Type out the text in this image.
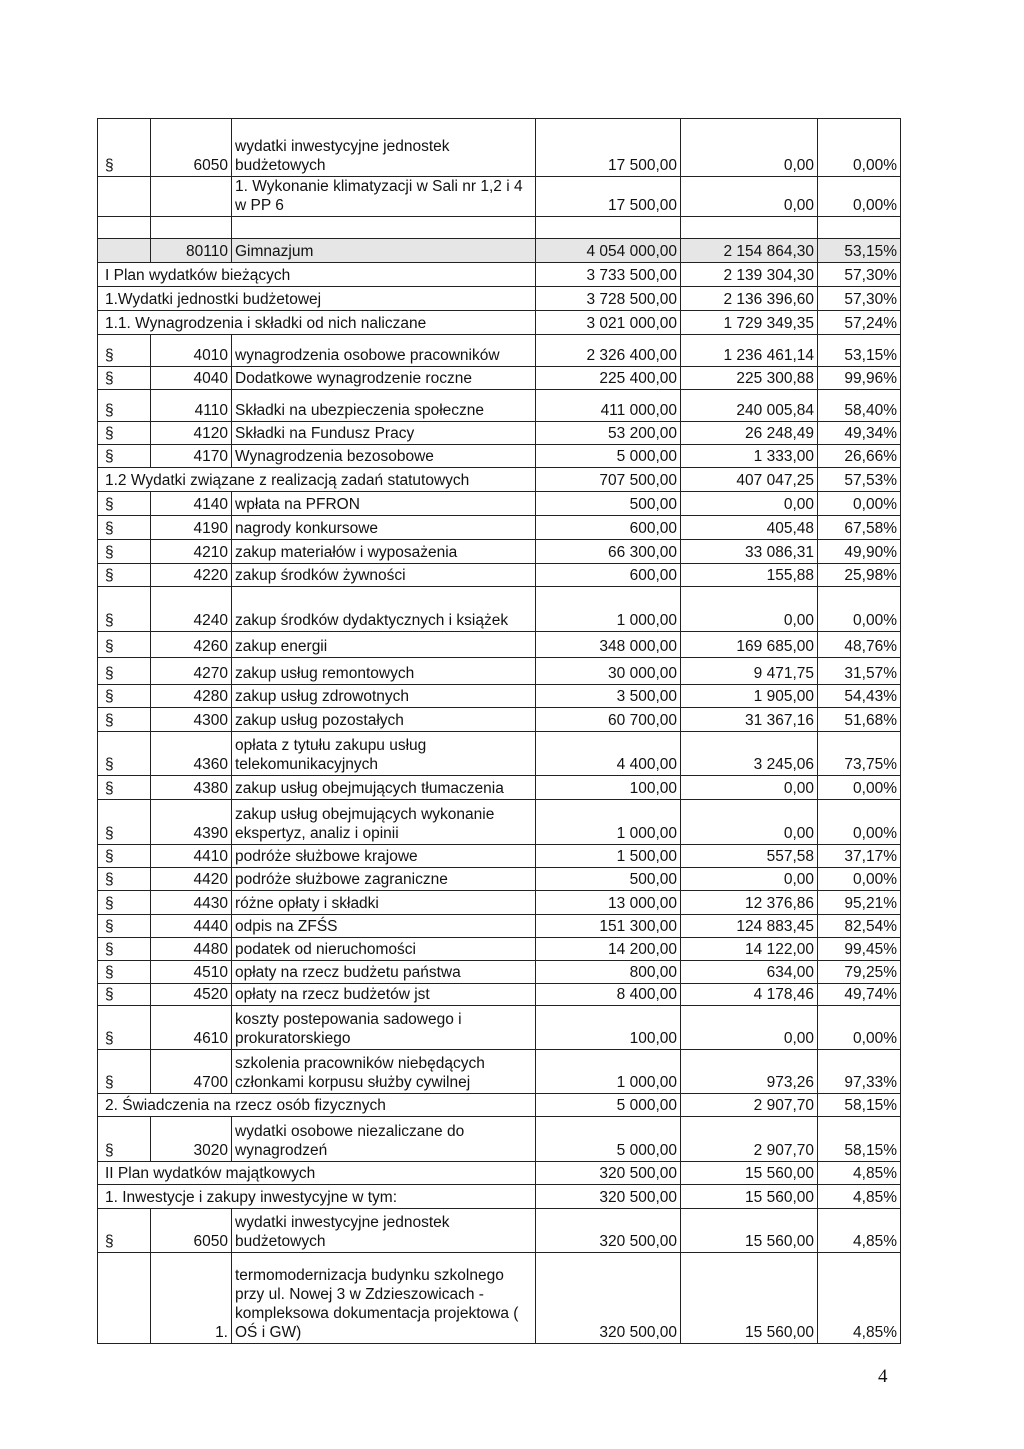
§	6050	wydatki inwestycyjne jednostek budżetowych	17 500,00	0,00	0,00%
		1. Wykonanie klimatyzacji w Sali nr 1,2 i 4 w PP 6	17 500,00	0,00	0,00%

	80110	Gimnazjum	4 054 000,00	2 154 864,30	53,15%
I Plan wydatków bieżących			3 733 500,00	2 139 304,30	57,30%
1.Wydatki jednostki budżetowej			3 728 500,00	2 136 396,60	57,30%
1.1. Wynagrodzenia i składki od nich naliczane			3 021 000,00	1 729 349,35	57,24%
§	4010	wynagrodzenia osobowe pracowników	2 326 400,00	1 236 461,14	53,15%
§	4040	Dodatkowe wynagrodzenie roczne	225 400,00	225 300,88	99,96%
§	4110	Składki na ubezpieczenia społeczne	411 000,00	240 005,84	58,40%
§	4120	Składki na Fundusz Pracy	53 200,00	26 248,49	49,34%
§	4170	Wynagrodzenia bezosobowe	5 000,00	1 333,00	26,66%
1.2 Wydatki związane z realizacją zadań statutowych			707 500,00	407 047,25	57,53%
§	4140	wpłata na PFRON	500,00	0,00	0,00%
§	4190	nagrody konkursowe	600,00	405,48	67,58%
§	4210	zakup materiałów i wyposażenia	66 300,00	33 086,31	49,90%
§	4220	zakup środków żywności	600,00	155,88	25,98%
§	4240	zakup środków dydaktycznych i książek	1 000,00	0,00	0,00%
§	4260	zakup energii	348 000,00	169 685,00	48,76%
§	4270	zakup usług remontowych	30 000,00	9 471,75	31,57%
§	4280	zakup usług zdrowotnych	3 500,00	1 905,00	54,43%
§	4300	zakup usług pozostałych	60 700,00	31 367,16	51,68%
§	4360	opłata z tytułu zakupu usług telekomunikacyjnych	4 400,00	3 245,06	73,75%
§	4380	zakup usług obejmujących tłumaczenia	100,00	0,00	0,00%
§	4390	zakup usług obejmujących wykonanie ekspertyz, analiz i opinii	1 000,00	0,00	0,00%
§	4410	podróże służbowe krajowe	1 500,00	557,58	37,17%
§	4420	podróże służbowe zagraniczne	500,00	0,00	0,00%
§	4430	różne opłaty i składki	13 000,00	12 376,86	95,21%
§	4440	odpis na ZFŚS	151 300,00	124 883,45	82,54%
§	4480	podatek od nieruchomości	14 200,00	14 122,00	99,45%
§	4510	opłaty na rzecz budżetu państwa	800,00	634,00	79,25%
§	4520	opłaty na rzecz budżetów jst	8 400,00	4 178,46	49,74%
§	4610	koszty postepowania sadowego i prokuratorskiego	100,00	0,00	0,00%
§	4700	szkolenia pracowników niebędących członkami korpusu służby cywilnej	1 000,00	973,26	97,33%
2. Świadczenia na rzecz osób fizycznych			5 000,00	2 907,70	58,15%
§	3020	wydatki osobowe niezaliczane do wynagrodzeń	5 000,00	2 907,70	58,15%
II Plan wydatków majątkowych			320 500,00	15 560,00	4,85%
1. Inwestycje i zakupy inwestycyjne w tym:			320 500,00	15 560,00	4,85%
§	6050	wydatki inwestycyjne jednostek budżetowych	320 500,00	15 560,00	4,85%
	1.	termomodernizacja budynku szkolnego przy ul. Nowej 3 w Zdzieszowicach - kompleksowa dokumentacja projektowa ( OŚ i GW)	320 500,00	15 560,00	4,85%
4
